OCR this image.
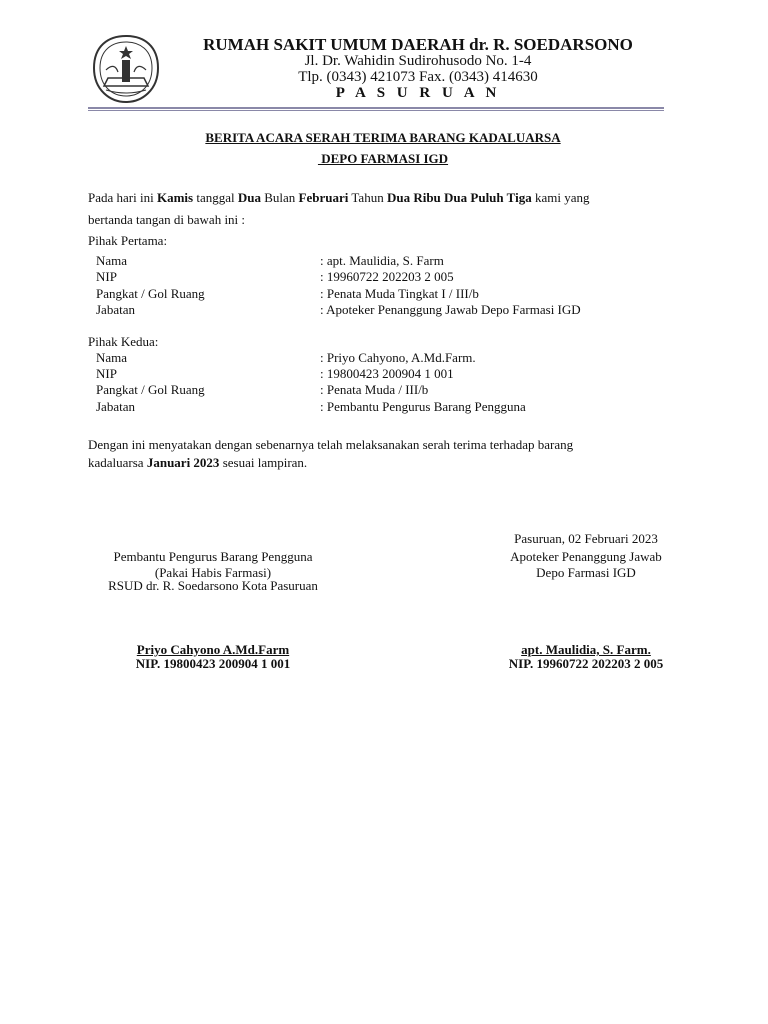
RUMAH SAKIT UMUM DAERAH dr. R. SOEDARSONO
Jl. Dr. Wahidin Sudirohusodo No. 1-4
Tlp. (0343) 421073 Fax. (0343) 414630
P A S U R U A N
BERITA ACARA SERAH TERIMA BARANG KADALUARSA
DEPO FARMASI IGD
Pada hari ini Kamis tanggal Dua Bulan Februari Tahun Dua Ribu Dua Puluh Tiga kami yang
bertanda tangan di bawah ini :
Pihak Pertama:
Nama	: apt. Maulidia, S. Farm
NIP	: 19960722 202203 2 005
Pangkat / Gol Ruang	: Penata Muda Tingkat I / III/b
Jabatan	: Apoteker Penanggung Jawab Depo Farmasi IGD
Pihak Kedua:
Nama	: Priyo Cahyono, A.Md.Farm.
NIP	: 19800423 200904 1 001
Pangkat / Gol Ruang	: Penata Muda / III/b
Jabatan	: Pembantu Pengurus Barang Pengguna
Dengan ini menyatakan dengan sebenarnya telah melaksanakan serah terima terhadap barang
kadaluarsa Januari 2023 sesuai lampiran.
Pasuruan, 02 Februari 2023
Pembantu Pengurus Barang Pengguna
(Pakai Habis Farmasi)
RSUD dr. R. Soedarsono Kota Pasuruan
Priyo Cahyono A.Md.Farm
NIP. 19800423 200904 1 001
Apoteker Penanggung Jawab
Depo Farmasi IGD
apt. Maulidia, S. Farm.
NIP. 19960722 202203 2 005
